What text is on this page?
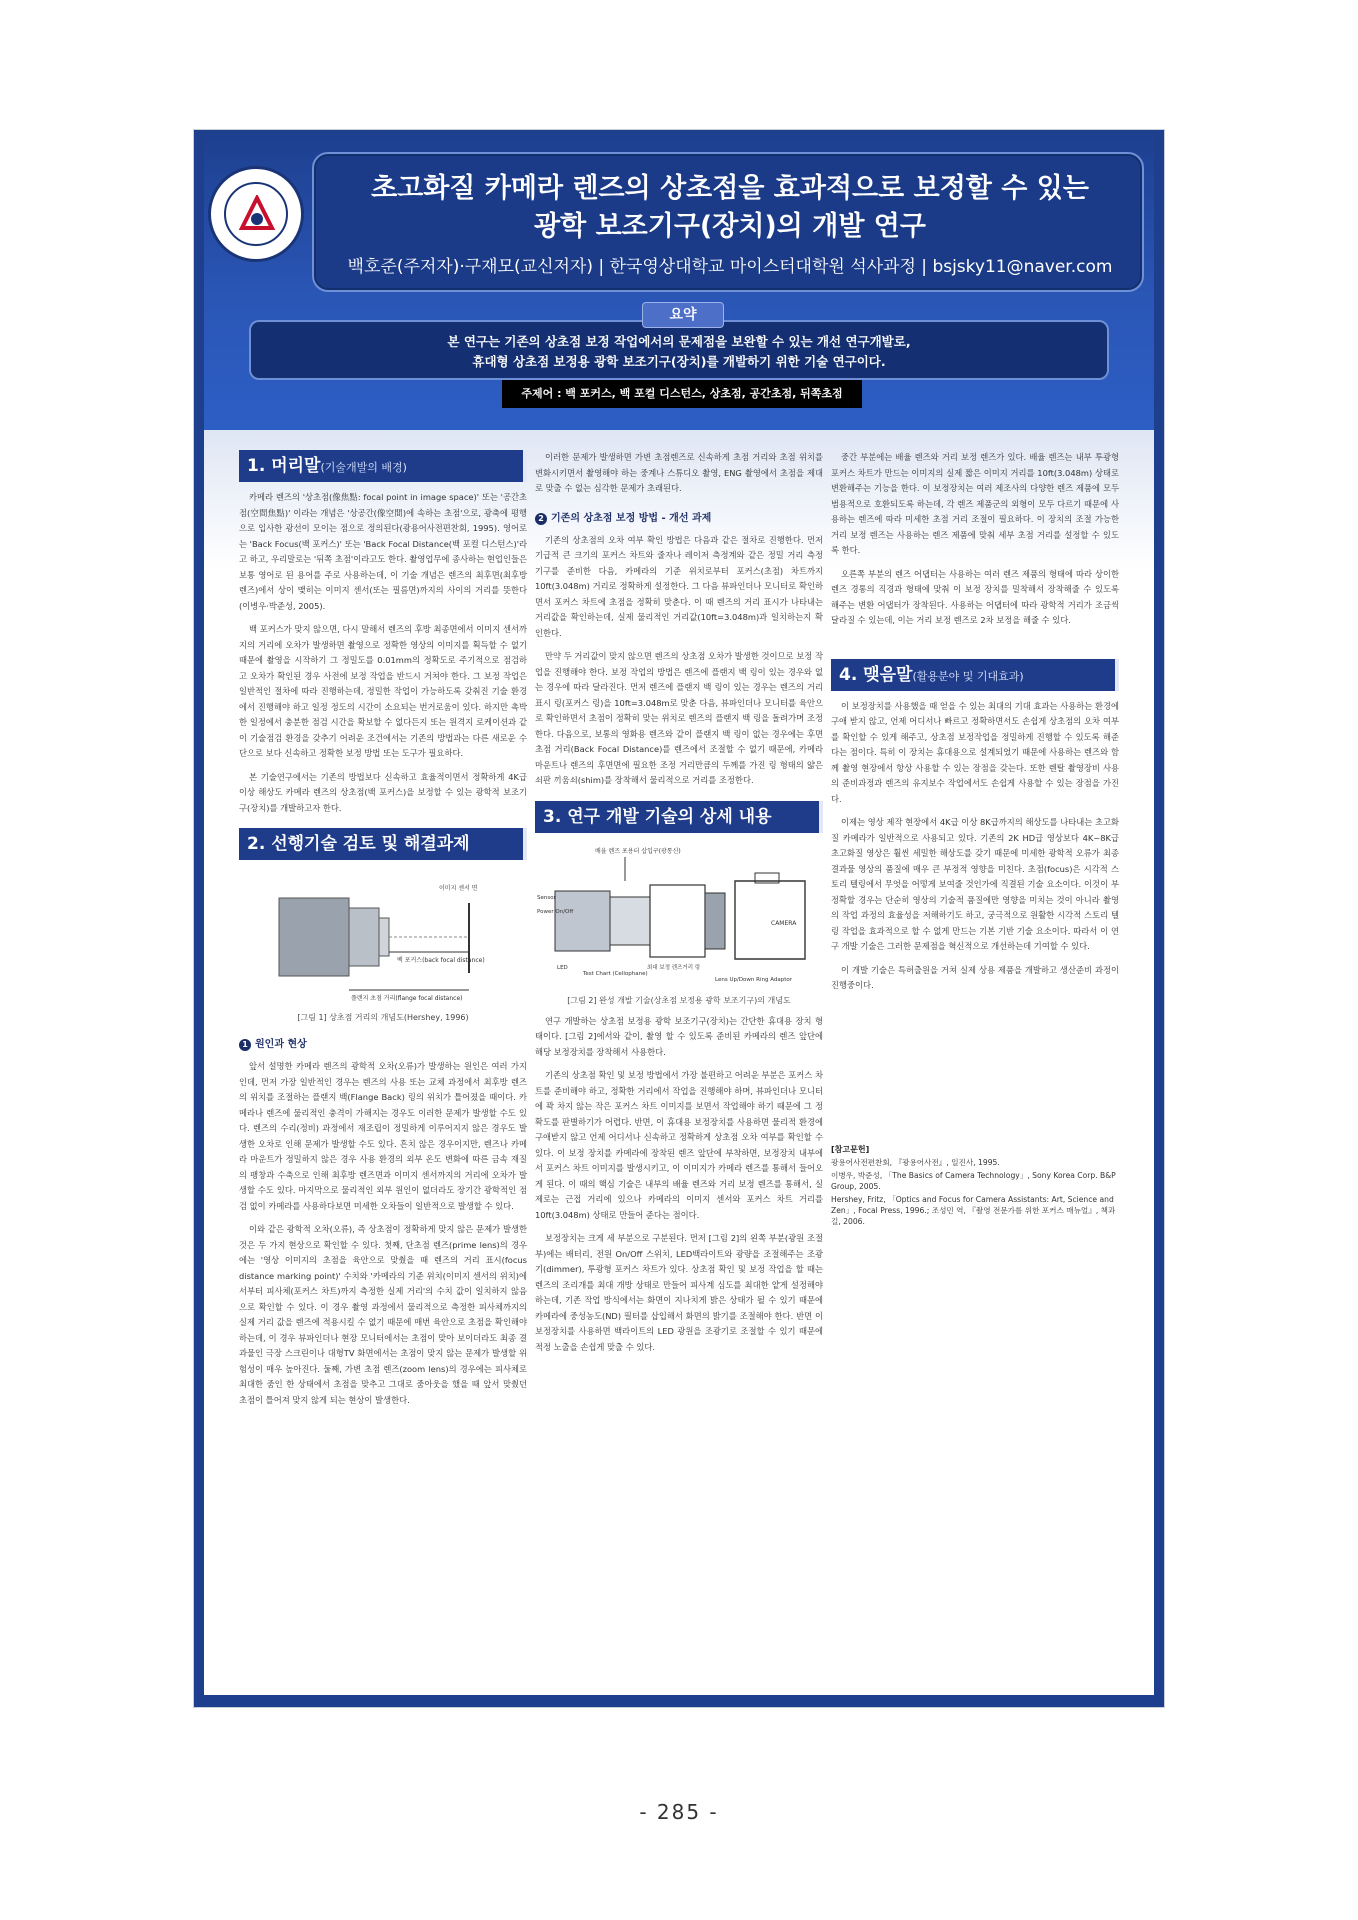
초고화질 카메라 렌즈의 상초점을 효과적으로 보정할 수 있는
광학 보조기구(장치)의 개발 연구
백호준(주저자)·구재모(교신저자) | 한국영상대학교 마이스터대학원 석사과정 | bsjsky11@naver.com
본 연구는 기존의 상초점 보정 작업에서의 문제점을 보완할 수 있는 개선 연구개발로,
휴대형 상초점 보정용 광학 보조기구(장치)를 개발하기 위한 기술 연구이다.
요약
주제어 : 백 포커스, 백 포컬 디스턴스, 상초점, 공간초점, 뒤쪽초점
1. 머리말(기술개발의 배경)

카메라 렌즈의 '상초점(像焦點: focal point in image space)' 또는 '공간초점(空間焦點)' 이라는 개념은 '상공간(像空間)에 속하는 초점'으로, 광축에 평행으로 입사한 광선이 모이는 점으로 정의된다(광용어사전편찬회, 1995). 영어로는 'Back Focus(백 포커스)' 또는 'Back Focal Distance(백 포컬 디스턴스)'라고 하고, 우리말로는 '뒤쪽 초점'이라고도 한다. 촬영업무에 종사하는 현업인들은 보통 영어로 된 용어를 주로 사용하는데, 이 기술 개념은 렌즈의 최후면(최후방 렌즈)에서 상이 맺히는 이미지 센서(또는 필름면)까지의 사이의 거리를 뜻한다(이병우·박준성, 2005).

백 포커스가 맞지 않으면, 다시 말해서 렌즈의 후방 최종면에서 이미지 센서까지의 거리에 오차가 발생하면 촬영으로 정확한 영상의 이미지를 획득할 수 없기 때문에 촬영을 시작하기 그 정밀도를 0.01mm의 정확도로 주기적으로 점검하고 오차가 확인된 경우 사전에 보정 작업을 반드시 거쳐야 한다. 그 보정 작업은 일반적인 절차에 따라 진행하는데, 정밀한 작업이 가능하도록 갖춰진 기술 환경에서 진행해야 하고 일정 정도의 시간이 소요되는 번거로움이 있다. 하지만 촉박한 일정에서 충분한 점검 시간을 확보할 수 없다든지 또는 원격지 로케이션과 같이 기술점검 환경을 갖추기 어려운 조건에서는 기존의 방법과는 다른 새로운 수단으로 보다 신속하고 정확한 보정 방법 또는 도구가 필요하다.

본 기술연구에서는 기존의 방법보다 신속하고 효율적이면서 정확하게 4K급 이상 해상도 카메라 렌즈의 상초점(백 포커스)을 보정할 수 있는 광학적 보조기구(장치)를 개발하고자 한다.

2. 선행기술 검토 및 해결과제
이미지 센서 면
백 포커스(back focal distance)
플랜지 초점 거리(flange focal distance)
[그림 1] 상초점 거리의 개념도(Hershey, 1996)
1 원인과 현상

앞서 설명한 카메라 렌즈의 광학적 오차(오류)가 발생하는 원인은 여러 가지인데, 먼저 가장 일반적인 경우는 렌즈의 사용 또는 교체 과정에서 최후방 렌즈의 위치를 조절하는 플랜지 백(Flange Back) 링의 위치가 틀어졌을 때이다. 카메라나 렌즈에 물리적인 충격이 가해지는 경우도 이러한 문제가 발생할 수도 있다. 렌즈의 수리(정비) 과정에서 재조립이 정밀하게 이루어지지 않은 경우도 발생한 오차로 인해 문제가 발생할 수도 있다. 흔치 않은 경우이지만, 렌즈나 카메라 마운트가 정밀하지 않은 경우 사용 환경의 외부 온도 변화에 따른 금속 재질의 팽창과 수축으로 인해 최후방 렌즈면과 이미지 센서까지의 거리에 오차가 발생할 수도 있다. 마지막으로 물리적인 외부 원인이 없더라도 장기간 광학적인 점검 없이 카메라를 사용하다보면 미세한 오차들이 일반적으로 발생할 수 있다.

이와 같은 광학적 오차(오류), 즉 상초점이 정확하게 맞지 않은 문제가 발생한 것은 두 가지 현상으로 확인할 수 있다. 첫째, 단초점 렌즈(prime lens)의 경우에는 '영상 이미지의 초점을 육안으로 맞췄을 때 렌즈의 거리 표시(focus distance marking point)' 수치와 '카메라의 기준 위치(이미지 센서의 위치)에서부터 피사체(포커스 차트)까지 측정한 실제 거리'의 수치 값이 일치하지 않음으로 확인할 수 있다. 이 경우 촬영 과정에서 물리적으로 측정한 피사체까지의 실제 거리 값을 렌즈에 적용시킬 수 없기 때문에 매번 육안으로 초점을 확인해야 하는데, 이 경우 뷰파인더나 현장 모니터에서는 초점이 맞아 보이더라도 최종 결과물인 극장 스크린이나 대형TV 화면에서는 초점이 맞지 않는 문제가 발생할 위험성이 매우 높아진다. 둘째, 가변 초점 렌즈(zoom lens)의 경우에는 피사체로 최대한 줌인 한 상태에서 초점을 맞추고 그대로 줌아웃을 했을 때 앞서 맞췄던 초점이 틀어져 맞지 않게 되는 현상이 발생한다.

이러한 문제가 발생하면 가변 초점렌즈로 신속하게 초점 거리와 초점 위치를 변화시키면서 촬영해야 하는 중계나 스튜디오 촬영, ENG 촬영에서 초점을 제대로 맞출 수 없는 심각한 문제가 초래된다.

2 기존의 상초점 보정 방법 - 개선 과제

기존의 상초점의 오차 여부 확인 방법은 다음과 같은 절차로 진행한다. 먼저 기급적 큰 크기의 포커스 차트와 줄자나 레이저 측정계와 같은 정밀 거리 측정 기구를 준비한 다음, 카메라의 기준 위치로부터 포커스(초점) 차트까지 10ft(3.048m) 거리로 정확하게 설정한다. 그 다음 뷰파인더나 모니터로 확인하면서 포커스 차트에 초점을 정확히 맞춘다. 이 때 렌즈의 거리 표시가 나타내는 거리값을 확인하는데, 실제 물리적인 거리값(10ft=3.048m)과 일치하는지 확인한다.

만약 두 거리값이 맞지 않으면 렌즈의 상초점 오차가 발생한 것이므로 보정 작업을 진행해야 한다. 보정 작업의 방법은 렌즈에 플랜지 백 링이 있는 경우와 없는 경우에 따라 달라진다. 먼저 렌즈에 플랜지 백 링이 있는 경우는 렌즈의 거리 표시 링(포커스 링)을 10ft=3.048m로 맞춘 다음, 뷰파인더나 모니터를 육안으로 확인하면서 초점이 정확히 맞는 위치로 렌즈의 플랜지 백 링을 돌려가며 조정한다. 다음으로, 보통의 영화용 렌즈와 같이 플랜지 백 링이 없는 경우에는 후면 초점 거리(Back Focal Distance)를 렌즈에서 조절할 수 없기 때문에, 카메라 마운트나 렌즈의 후면면에 필요한 조정 거리만큼의 두께를 가진 링 형태의 얇은 쇠판 끼움쇠(shim)를 장착해서 물리적으로 거리를 조정한다.

3. 연구 개발 기술의 상세 내용
배율 렌즈 포용터 삽입구(광통신)
CAMERA
Sensor
Power On/Off
LED
Test Chart (Cellophane)
최대 보정 렌즈거리 링
Lens Up/Down Ring Adaptor
[그림 2] 완성 개발 기술(상초점 보정용 광학 보조기구)의 개념도

연구 개발하는 상초점 보정용 광학 보조기구(장치)는 간단한 휴대용 장치 형태이다. [그림 2]에서와 같이, 촬영 할 수 있도록 준비된 카메라의 렌즈 앞단에 해당 보정장치를 장착해서 사용한다.

기존의 상초점 확인 및 보정 방법에서 가장 불편하고 어려운 부분은 포커스 차트를 준비해야 하고, 정확한 거리에서 작업을 진행해야 하며, 뷰파인더나 모니터에 꽉 차지 않는 작은 포커스 차트 이미지를 보면서 작업해야 하기 때문에 그 정확도를 판별하기가 어렵다. 반면, 이 휴대용 보정장치를 사용하면 물리적 환경에 구애받지 않고 언제 어디서나 신속하고 정확하게 상초점 오차 여부를 확인할 수 있다. 이 보정 장치를 카메라에 장착된 렌즈 앞단에 부착하면, 보정장치 내부에서 포커스 차트 이미지를 발생시키고, 이 이미지가 카메라 렌즈를 통해서 들어오게 된다. 이 때의 핵심 기술은 내부의 배율 렌즈와 거리 보정 렌즈를 통해서, 실제로는 근접 거리에 있으나 카메라의 이미지 센서와 포커스 차트 거리를 10ft(3.048m) 상태로 만들어 준다는 점이다.

보정장치는 크게 세 부분으로 구분된다. 먼저 [그림 2]의 왼쪽 부분(광원 조절부)에는 배터리, 전원 On/Off 스위치, LED백라이트와 광량을 조절해주는 조광기(dimmer), 투광형 포커스 차트가 있다. 상초점 확인 및 보정 작업을 할 때는 렌즈의 조리개를 최대 개방 상태로 만들어 피사계 심도를 최대한 얕게 설정해야 하는데, 기존 작업 방식에서는 화면이 지나치게 밝은 상태가 될 수 있기 때문에 카메라에 중성농도(ND) 필터를 삽입해서 화면의 밝기를 조절해야 한다. 반면 이 보정장치를 사용하면 백라이트의 LED 광원을 조광기로 조절할 수 있기 때문에 적정 노출을 손쉽게 맞출 수 있다.

중간 부분에는 배율 렌즈와 거리 보정 렌즈가 있다. 배율 렌즈는 내부 투광형 포커스 차트가 만드는 이미지의 실제 짧은 이미지 거리를 10ft(3.048m) 상태로 변환해주는 기능을 한다. 이 보정장치는 여러 제조사의 다양한 렌즈 제품에 모두 범용적으로 호환되도록 하는데, 각 렌즈 제품군의 외형이 모두 다르기 때문에 사용하는 렌즈에 따라 미세한 초점 거리 조절이 필요하다. 이 장치의 조절 가능한 거리 보정 렌즈는 사용하는 렌즈 제품에 맞춰 세부 초점 거리를 설정할 수 있도록 한다.

오른쪽 부분의 렌즈 어댑터는 사용하는 여러 렌즈 제품의 형태에 따라 상이한 렌즈 경통의 직경과 형태에 맞춰 이 보정 장치를 밀착해서 장착해줄 수 있도록 해주는 변환 어댑터가 장착된다. 사용하는 어댑터에 따라 광학적 거리가 조금씩 달라질 수 있는데, 이는 거리 보정 렌즈로 2차 보정을 해줄 수 있다.

4. 맺음말(활용분야 및 기대효과)

이 보정장치를 사용했을 때 얻을 수 있는 최대의 기대 효과는 사용하는 환경에 구애 받지 않고, 언제 어디서나 빠르고 정확하면서도 손쉽게 상초점의 오차 여부를 확인할 수 있게 해주고, 상초점 보정작업을 정밀하게 진행할 수 있도록 해준다는 점이다. 특히 이 장치는 휴대용으로 설계되었기 때문에 사용하는 렌즈와 함께 촬영 현장에서 항상 사용할 수 있는 장점을 갖는다. 또한 렌탈 촬영장비 사용의 준비과정과 렌즈의 유지보수 작업에서도 손쉽게 사용할 수 있는 장점을 가진다.

이제는 영상 제작 현장에서 4K급 이상 8K급까지의 해상도를 나타내는 초고화질 카메라가 일반적으로 사용되고 있다. 기존의 2K HD급 영상보다 4K~8K급 초고화질 영상은 훨씬 세밀한 해상도를 갖기 때문에 미세한 광학적 오류가 최종 결과물 영상의 품질에 매우 큰 부정적 영향을 미친다. 초점(focus)은 시각적 스토리 텔링에서 무엇을 어떻게 보여줄 것인가에 직결된 기술 요소이다. 이것이 부정확할 경우는 단순히 영상의 기술적 품질에만 영향을 미치는 것이 아니라 촬영의 작업 과정의 효율성을 저해하기도 하고, 궁극적으로 원활한 시각적 스토리 텔링 작업을 효과적으로 할 수 없게 만드는 기본 기반 기술 요소이다. 따라서 이 연구 개발 기술은 그러한 문제점을 혁신적으로 개선하는데 기여할 수 있다.

이 개발 기술은 특허출원을 거쳐 실제 상용 제품을 개발하고 생산준비 과정이 진행중이다.

[참고문헌]
광용어사전편찬회, 『광용어사전』, 일진사, 1995.
이병우, 박준성, 「The Basics of Camera Technology」, Sony Korea Corp. B&P Group, 2005.
Hershey, Fritz, 「Optics and Focus for Camera Assistants: Art, Science and Zen」, Focal Press, 1996.; 조성민 역, 『촬영 전문가를 위한 포커스 매뉴얼』, 책과길, 2006.
- 285 -
